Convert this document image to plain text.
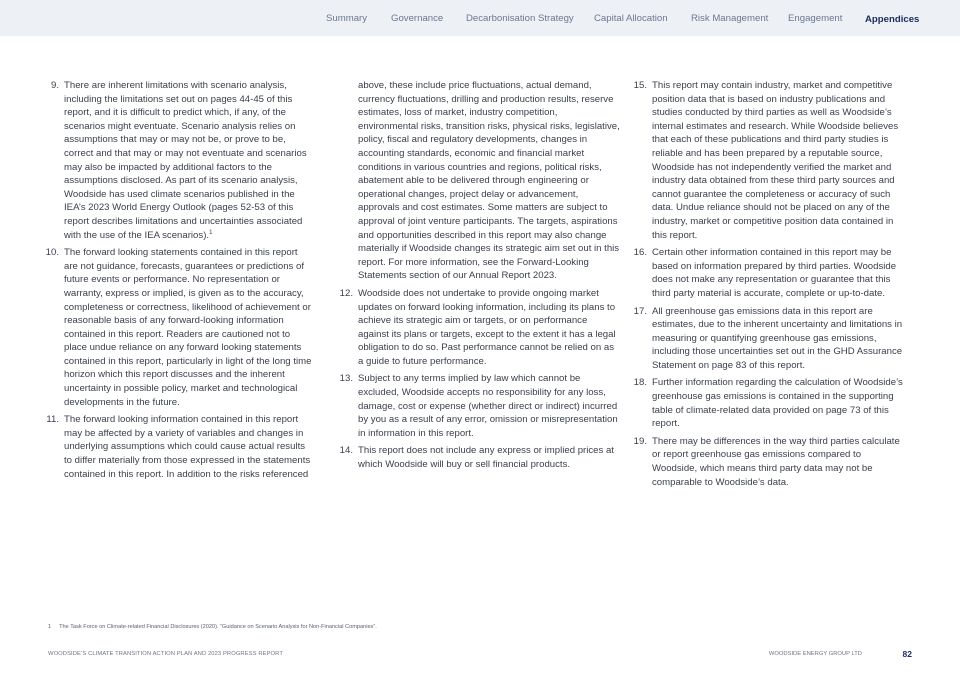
Summary Governance Decarbonisation Strategy Capital Allocation Risk Management Engagement Appendices
9. There are inherent limitations with scenario analysis, including the limitations set out on pages 44-45 of this report, and it is difficult to predict which, if any, of the scenarios might eventuate. Scenario analysis relies on assumptions that may or may not be, or prove to be, correct and that may or may not eventuate and scenarios may also be impacted by additional factors to the assumptions disclosed. As part of its scenario analysis, Woodside has used climate scenarios published in the IEA’s 2023 World Energy Outlook (pages 52-53 of this report describes limitations and uncertainties associated with the use of the IEA scenarios).$^1$
10. The forward looking statements contained in this report are not guidance, forecasts, guarantees or predictions of future events or performance. No representation or warranty, express or implied, is given as to the accuracy, completeness or correctness, likelihood of achievement or reasonable basis of any forward-looking information contained in this report. Readers are cautioned not to place undue reliance on any forward looking statements contained in this report, particularly in light of the long time horizon which this report discusses and the inherent uncertainty in possible policy, market and technological developments in the future.
11. The forward looking information contained in this report may be affected by a variety of variables and changes in underlying assumptions which could cause actual results to differ materially from those expressed in the statements contained in this report. In addition to the risks referenced
above, these include price fluctuations, actual demand, currency fluctuations, drilling and production results, reserve estimates, loss of market, industry competition, environmental risks, transition risks, physical risks, legislative, policy, fiscal and regulatory developments, changes in accounting standards, economic and financial market conditions in various countries and regions, political risks, abatement able to be delivered through engineering or operational changes, project delay or advancement, approvals and cost estimates. Some matters are subject to approval of joint venture participants. The targets, aspirations and opportunities described in this report may also change materially if Woodside changes its strategic aim set out in this report. For more information, see the Forward-Looking Statements section of our Annual Report 2023.
12. Woodside does not undertake to provide ongoing market updates on forward looking information, including its plans to achieve its strategic aim or targets, or on performance against its plans or targets, except to the extent it has a legal obligation to do so. Past performance cannot be relied on as a guide to future performance.
13. Subject to any terms implied by law which cannot be excluded, Woodside accepts no responsibility for any loss, damage, cost or expense (whether direct or indirect) incurred by you as a result of any error, omission or misrepresentation in information in this report.
14. This report does not include any express or implied prices at which Woodside will buy or sell financial products.
15. This report may contain industry, market and competitive position data that is based on industry publications and studies conducted by third parties as well as Woodside’s internal estimates and research. While Woodside believes that each of these publications and third party studies is reliable and has been prepared by a reputable source, Woodside has not independently verified the market and industry data obtained from these third party sources and cannot guarantee the completeness or accuracy of such data. Undue reliance should not be placed on any of the industry, market or competitive position data contained in this report.
16. Certain other information contained in this report may be based on information prepared by third parties. Woodside does not make any representation or guarantee that this third party material is accurate, complete or up-to-date.
17. All greenhouse gas emissions data in this report are estimates, due to the inherent uncertainty and limitations in measuring or quantifying greenhouse gas emissions, including those uncertainties set out in the GHD Assurance Statement on page 83 of this report.
18. Further information regarding the calculation of Woodside’s greenhouse gas emissions is contained in the supporting table of climate-related data provided on page 73 of this report.
19. There may be differences in the way third parties calculate or report greenhouse gas emissions compared to Woodside, which means third party data may not be comparable to Woodside’s data.
1 The Task Force on Climate-related Financial Disclosures (2020). “Guidance on Scenario Analysis for Non-Financial Companies”.
WOODSIDE’S CLIMATE TRANSITION ACTION PLAN AND 2023 PROGRESS REPORT	WOODSIDE ENERGY GROUP LTD	82
